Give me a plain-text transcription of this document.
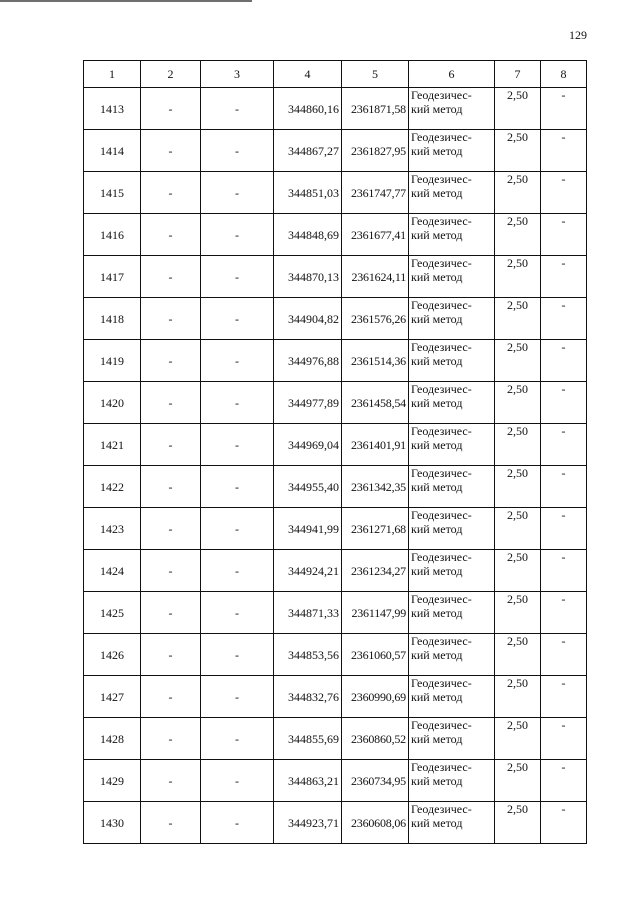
129
1	2	3	4	5	6	7	8
1413	-	-	344860,16	2361871,58	Геодезичес-
кий метод	2,50	-
1414	-	-	344867,27	2361827,95	Геодезичес-
кий метод	2,50	-
1415	-	-	344851,03	2361747,77	Геодезичес-
кий метод	2,50	-
1416	-	-	344848,69	2361677,41	Геодезичес-
кий метод	2,50	-
1417	-	-	344870,13	2361624,11	Геодезичес-
кий метод	2,50	-
1418	-	-	344904,82	2361576,26	Геодезичес-
кий метод	2,50	-
1419	-	-	344976,88	2361514,36	Геодезичес-
кий метод	2,50	-
1420	-	-	344977,89	2361458,54	Геодезичес-
кий метод	2,50	-
1421	-	-	344969,04	2361401,91	Геодезичес-
кий метод	2,50	-
1422	-	-	344955,40	2361342,35	Геодезичес-
кий метод	2,50	-
1423	-	-	344941,99	2361271,68	Геодезичес-
кий метод	2,50	-
1424	-	-	344924,21	2361234,27	Геодезичес-
кий метод	2,50	-
1425	-	-	344871,33	2361147,99	Геодезичес-
кий метод	2,50	-
1426	-	-	344853,56	2361060,57	Геодезичес-
кий метод	2,50	-
1427	-	-	344832,76	2360990,69	Геодезичес-
кий метод	2,50	-
1428	-	-	344855,69	2360860,52	Геодезичес-
кий метод	2,50	-
1429	-	-	344863,21	2360734,95	Геодезичес-
кий метод	2,50	-
1430	-	-	344923,71	2360608,06	Геодезичес-
кий метод	2,50	-
